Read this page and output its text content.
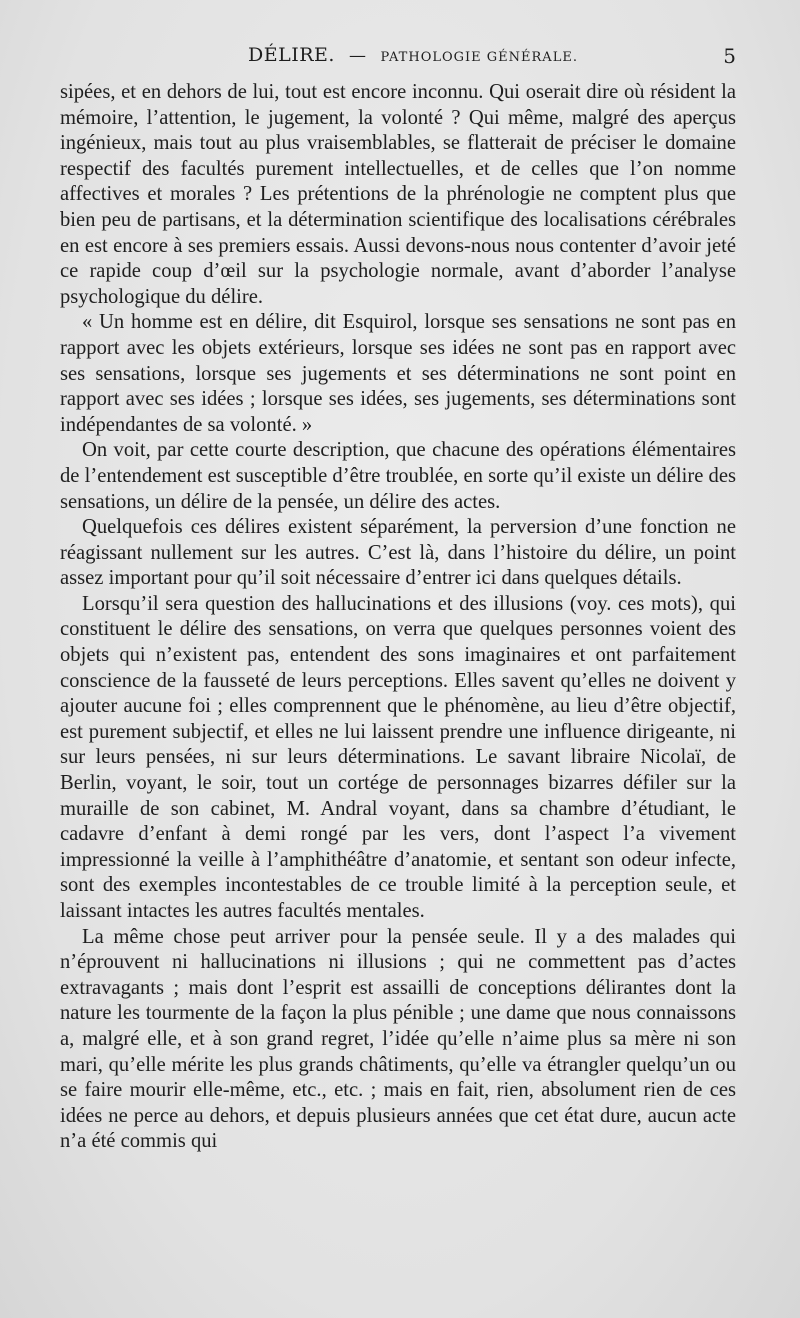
DÉLIRE. — PATHOLOGIE GÉNÉRALE.	5

sipées, et en dehors de lui, tout est encore inconnu. Qui oserait dire où résident la mémoire, l’attention, le jugement, la volonté ? Qui même, malgré des aperçus ingénieux, mais tout au plus vraisemblables, se flatterait de préciser le domaine respectif des facultés purement intellectuelles, et de celles que l’on nomme affectives et morales ? Les prétentions de la phrénologie ne comptent plus que bien peu de partisans, et la détermination scientifique des localisations cérébrales en est encore à ses premiers essais. Aussi devons-nous nous contenter d’avoir jeté ce rapide coup d’œil sur la psychologie normale, avant d’aborder l’analyse psychologique du délire.

« Un homme est en délire, dit Esquirol, lorsque ses sensations ne sont pas en rapport avec les objets extérieurs, lorsque ses idées ne sont pas en rapport avec ses sensations, lorsque ses jugements et ses déterminations ne sont point en rapport avec ses idées ; lorsque ses idées, ses jugements, ses déterminations sont indépendantes de sa volonté. »

On voit, par cette courte description, que chacune des opérations élémentaires de l’entendement est susceptible d’être troublée, en sorte qu’il existe un délire des sensations, un délire de la pensée, un délire des actes.

Quelquefois ces délires existent séparément, la perversion d’une fonction ne réagissant nullement sur les autres. C’est là, dans l’histoire du délire, un point assez important pour qu’il soit nécessaire d’entrer ici dans quelques détails.

Lorsqu’il sera question des hallucinations et des illusions (voy. ces mots), qui constituent le délire des sensations, on verra que quelques personnes voient des objets qui n’existent pas, entendent des sons imaginaires et ont parfaitement conscience de la fausseté de leurs perceptions. Elles savent qu’elles ne doivent y ajouter aucune foi ; elles comprennent que le phénomène, au lieu d’être objectif, est purement subjectif, et elles ne lui laissent prendre une influence dirigeante, ni sur leurs pensées, ni sur leurs déterminations. Le savant libraire Nicolaï, de Berlin, voyant, le soir, tout un cortége de personnages bizarres défiler sur la muraille de son cabinet, M. Andral voyant, dans sa chambre d’étudiant, le cadavre d’enfant à demi rongé par les vers, dont l’aspect l’a vivement impressionné la veille à l’amphithéâtre d’anatomie, et sentant son odeur infecte, sont des exemples incontestables de ce trouble limité à la perception seule, et laissant intactes les autres facultés mentales.

La même chose peut arriver pour la pensée seule. Il y a des malades qui n’éprouvent ni hallucinations ni illusions ; qui ne commettent pas d’actes extravagants ; mais dont l’esprit est assailli de conceptions délirantes dont la nature les tourmente de la façon la plus pénible ; une dame que nous connaissons a, malgré elle, et à son grand regret, l’idée qu’elle n’aime plus sa mère ni son mari, qu’elle mérite les plus grands châtiments, qu’elle va étrangler quelqu’un ou se faire mourir elle-même, etc., etc. ; mais en fait, rien, absolument rien de ces idées ne perce au dehors, et depuis plusieurs années que cet état dure, aucun acte n’a été commis qui
